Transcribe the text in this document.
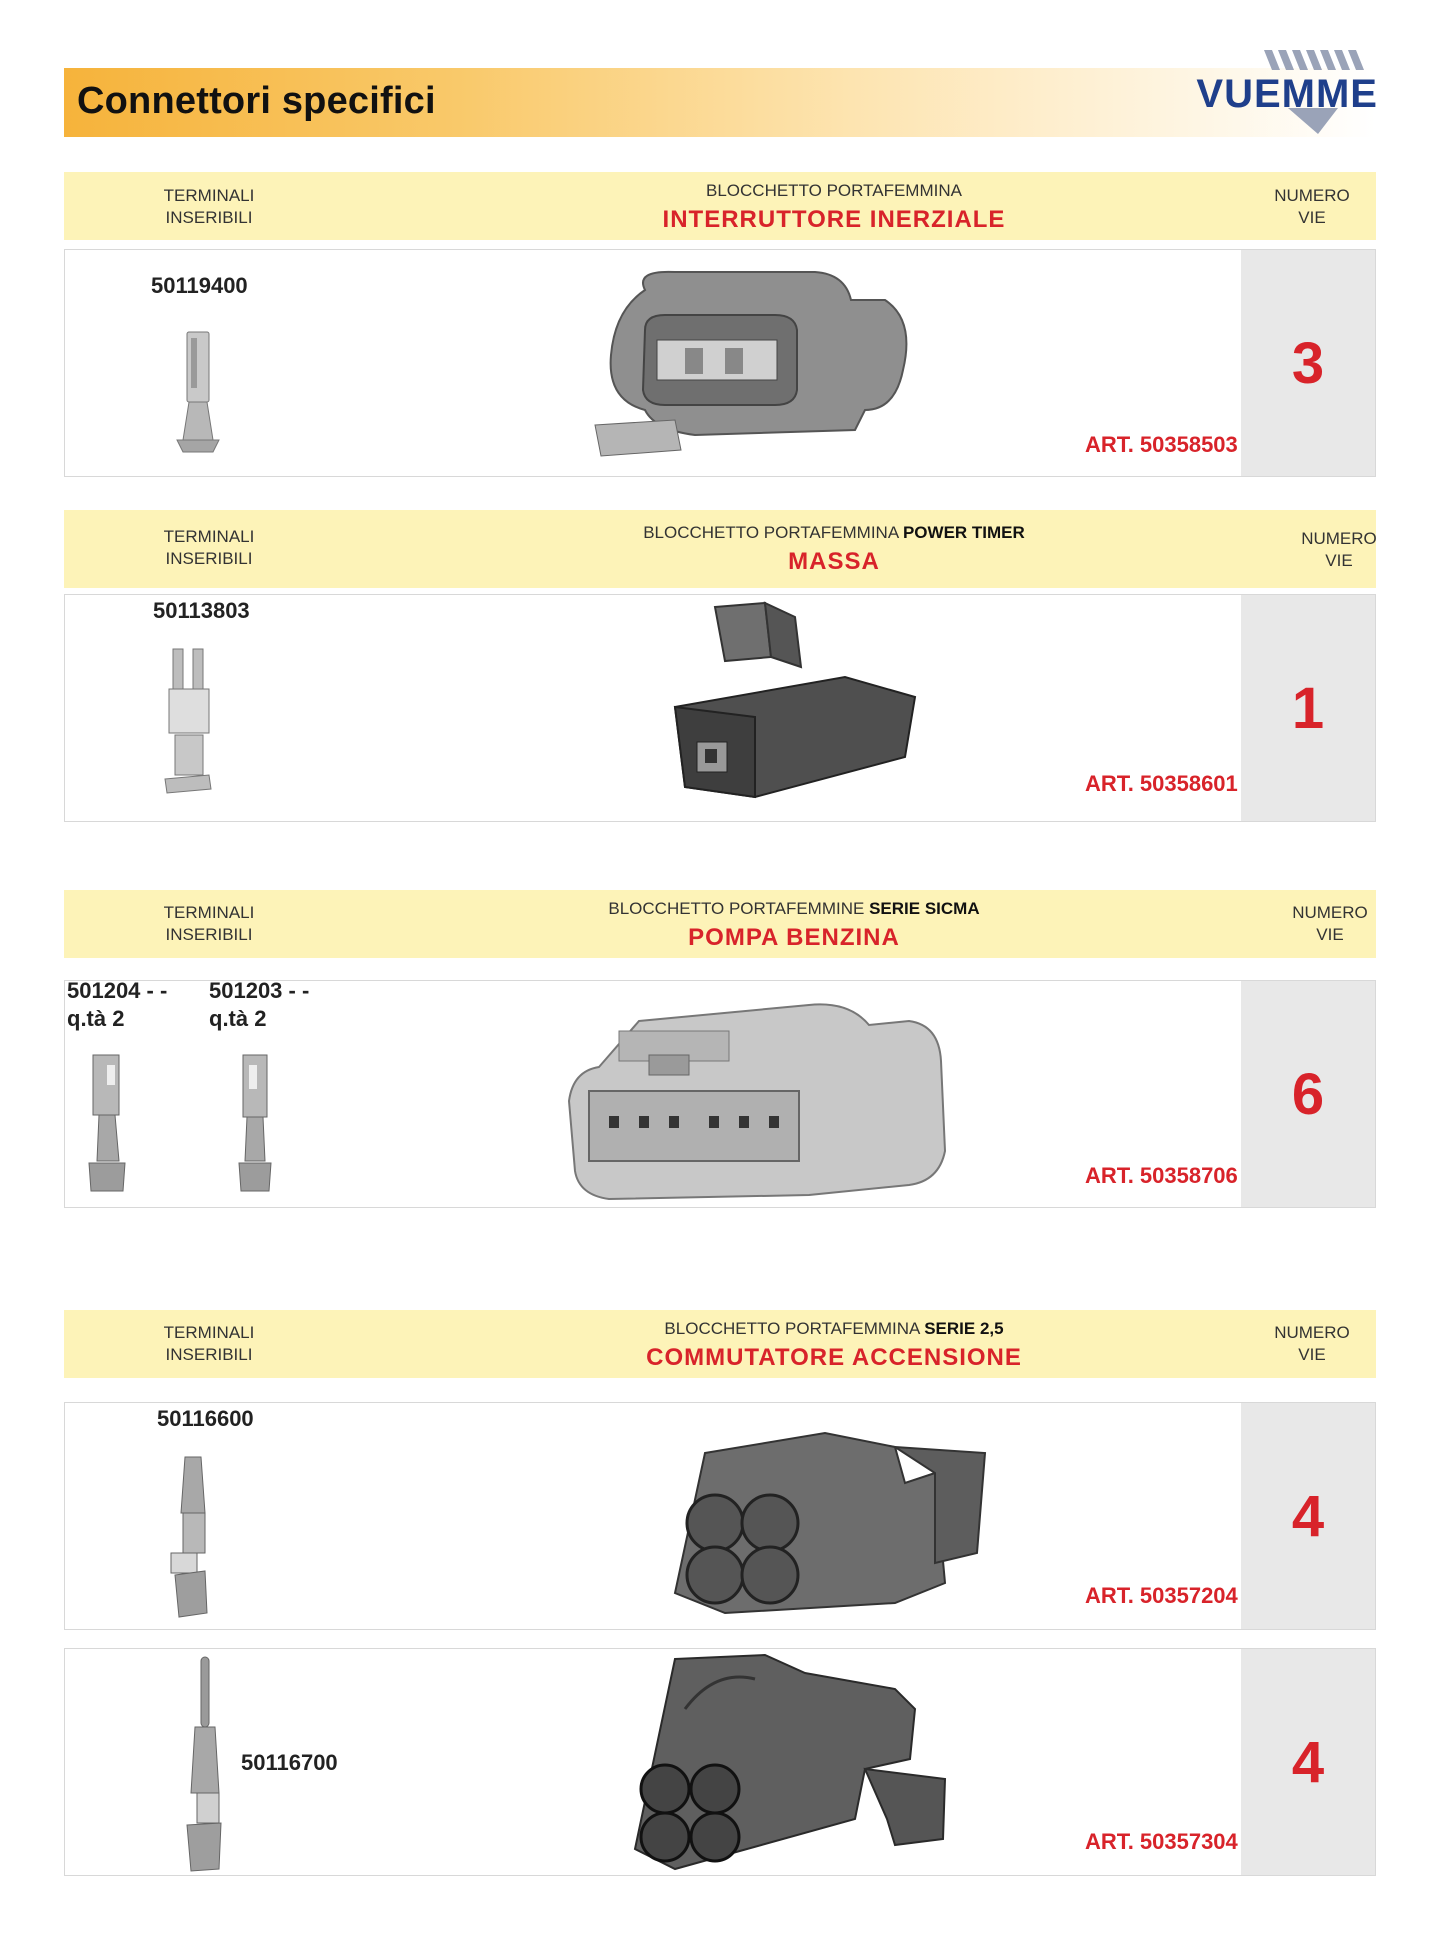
Connettori specifici	VUEMME
TERMINALI
INSERIBILI
BLOCCHETTO PORTAFEMMINA
INTERRUTTORE INERZIALE
NUMERO
VIE
50119400
ART. 50358503
3
TERMINALI
INSERIBILI
BLOCCHETTO PORTAFEMMINA POWER TIMER
MASSA
NUMERO
VIE
50113803
ART. 50358601
1
TERMINALI
INSERIBILI
BLOCCHETTO PORTAFEMMINE SERIE SICMA
POMPA BENZINA
NUMERO
VIE
501204 - -
q.tà 2
501203 - -
q.tà 2
ART. 50358706
6
TERMINALI
INSERIBILI
BLOCCHETTO PORTAFEMMINA SERIE 2,5
COMMUTATORE ACCENSIONE
NUMERO
VIE
50116600
ART. 50357204
4
50116700
ART. 50357304
4
